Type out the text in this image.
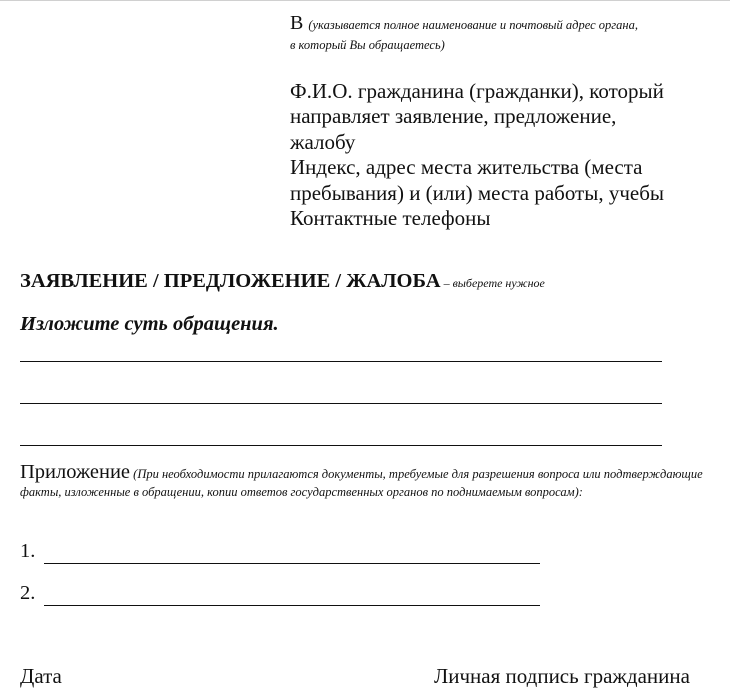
В (указывается полное наименование и почтовый адрес органа,
в который Вы обращаетесь)
Ф.И.О. гражданина (гражданки), который
направляет заявление, предложение,
жалобу
Индекс, адрес места жительства (места
пребывания) и (или) места работы, учебы
Контактные телефоны
ЗАЯВЛЕНИЕ / ПРЕДЛОЖЕНИЕ / ЖАЛОБА – выберете нужное
Изложите суть обращения.
Приложение (При необходимости прилагаются документы, требуемые для разрешения вопроса или подтверждающие факты, изложенные в обращении, копии ответов государственных органов по поднимаемым вопросам):
1.
2.
Дата	Личная подпись гражданина
